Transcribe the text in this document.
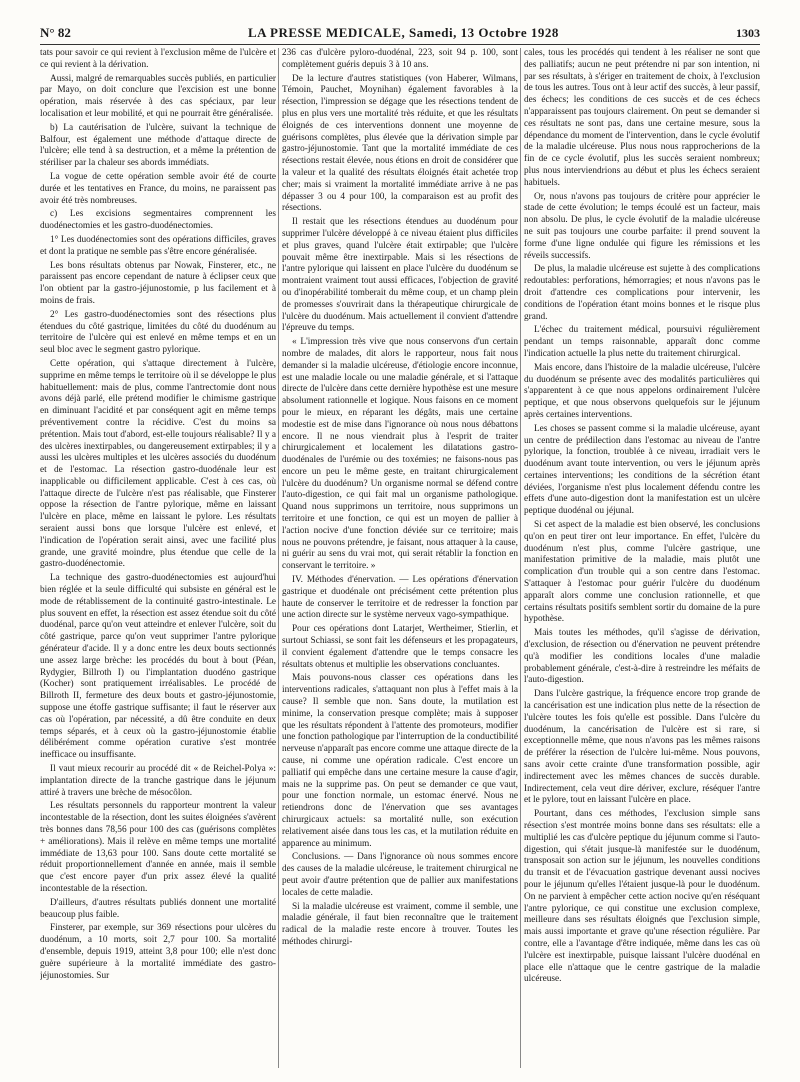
N° 82	LA PRESSE MEDICALE, Samedi, 13 Octobre 1928	1303

tats pour savoir ce qui revient à l'exclusion même de l'ulcère et ce qui revient à la dérivation.

Aussi, malgré de remarquables succès publiés, en particulier par Mayo, on doit conclure que l'excision est une bonne opération, mais réservée à des cas spéciaux, par leur localisation et leur mobilité, et qui ne pourrait être généralisée.

b) La cautérisation de l'ulcère, suivant la technique de Balfour, est également une méthode d'attaque directe de l'ulcère; elle tend à sa destruction, et a même la prétention de stériliser par la chaleur ses abords immédiats.

La vogue de cette opération semble avoir été de courte durée et les tentatives en France, du moins, ne paraissent pas avoir été très nombreuses.

c) Les excisions segmentaires comprennent les duodénectomies et les gastro-duodénectomies.

1° Les duodénectomies sont des opérations difficiles, graves et dont la pratique ne semble pas s'être encore généralisée.

Les bons résultats obtenus par Nowak, Finsterer, etc., ne paraissent pas encore cependant de nature à éclipser ceux que l'on obtient par la gastro-jéjunostomie, p lus facilement et à moins de frais.

2° Les gastro-duodénectomies sont des résections plus étendues du côté gastrique, limitées du côté du duodénum au territoire de l'ulcère qui est enlevé en même temps et en un seul bloc avec le segment gastro pylorique.

Cette opération, qui s'attaque directement à l'ulcère, supprime en même temps le territoire où il se développe le plus habituellement: mais de plus, comme l'antrectomie dont nous avons déjà parlé, elle prétend modifier le chimisme gastrique en diminuant l'acidité et par conséquent agit en même temps préventivement contre la récidive. C'est du moins sa prétention. Mais tout d'abord, est-elle toujours réalisable? Il y a des ulcères inextirpables, ou dangereusement extirpables; il y a aussi les ulcères multiples et les ulcères associés du duodénum et de l'estomac. La résection gastro-duodénale leur est inapplicable ou difficilement applicable. C'est à ces cas, où l'attaque directe de l'ulcère n'est pas réalisable, que Finsterer oppose la résection de l'antre pylorique, même en laissant l'ulcère en place, même en laissant le pylore. Les résultats seraient aussi bons que lorsque l'ulcère est enlevé, et l'indication de l'opération serait ainsi, avec une facilité plus grande, une gravité moindre, plus étendue que celle de la gastro-duodénectomie.

La technique des gastro-duodénectomies est aujourd'hui bien réglée et la seule difficulté qui subsiste en général est le mode de rétablissement de la continuité gastro-intestinale. Le plus souvent en effet, la résection est assez étendue soit du côté duodénal, parce qu'on veut atteindre et enlever l'ulcère, soit du côté gastrique, parce qu'on veut supprimer l'antre pylorique générateur d'acide. Il y a donc entre les deux bouts sectionnés une assez large brèche: les procédés du bout à bout (Péan, Rydygier, Billroth I) ou l'implantation duodéno gastrique (Kocher) sont pratiquement irréalisables. Le procédé de Billroth II, fermeture des deux bouts et gastro-jéjunostomie, suppose une étoffe gastrique suffisante; il faut le réserver aux cas où l'opération, par nécessité, a dû être conduite en deux temps séparés, et à ceux où la gastro-jéjunostomie établie délibérément comme opération curative s'est montrée inefficace ou insuffisante.

Il vaut mieux recourir au procédé dit « de Reichel-Polya »: implantation directe de la tranche gastrique dans le jéjunum attiré à travers une brèche de mésocôlon.

Les résultats personnels du rapporteur montrent la valeur incontestable de la résection, dont les suites éloignées s'avèrent très bonnes dans 78,56 pour 100 des cas (guérisons complètes + améliorations). Mais il relève en même temps une mortalité immédiate de 13,63 pour 100. Sans doute cette mortalité se réduit proportionnellement d'année en année, mais il semble que c'est encore payer d'un prix assez élevé la qualité incontestable de la résection.

D'ailleurs, d'autres résultats publiés donnent une mortalité beaucoup plus faible.

Finsterer, par exemple, sur 369 résections pour ulcères du duodénum, a 10 morts, soit 2,7 pour 100. Sa mortalité d'ensemble, depuis 1919, atteint 3,8 pour 100; elle n'est donc guère supérieure à la mortalité immédiate des gastro-jéjunostomies. Sur

236 cas d'ulcère pyloro-duodénal, 223, soit 94 p. 100, sont complètement guéris depuis 3 à 10 ans.

De la lecture d'autres statistiques (von Haberer, Wilmans, Témoin, Pauchet, Moynihan) également favorables à la résection, l'impression se dégage que les résections tendent de plus en plus vers une mortalité très réduite, et que les résultats éloignés de ces interventions donnent une moyenne de guérisons complètes, plus élevée que la dérivation simple par gastro-jéjunostomie. Tant que la mortalité immédiate de ces résections restait élevée, nous étions en droit de considérer que la valeur et la qualité des résultats éloignés était achetée trop cher; mais si vraiment la mortalité immédiate arrive à ne pas dépasser 3 ou 4 pour 100, la comparaison est au profit des résections.

Il restait que les résections étendues au duodénum pour supprimer l'ulcère développé à ce niveau étaient plus difficiles et plus graves, quand l'ulcère était extirpable; que l'ulcère pouvait même être inextirpable. Mais si les résections de l'antre pylorique qui laissent en place l'ulcère du duodénum se montraient vraiment tout aussi efficaces, l'objection de gravité ou d'inopérabilité tomberait du même coup, et un champ plein de promesses s'ouvrirait dans la thérapeutique chirurgicale de l'ulcère du duodénum. Mais actuellement il convient d'attendre l'épreuve du temps.

« L'impression très vive que nous conservons d'un certain nombre de malades, dit alors le rapporteur, nous fait nous demander si la maladie ulcéreuse, d'étiologie encore inconnue, est une maladie locale ou une maladie générale, et si l'attaque directe de l'ulcère dans cette dernière hypothèse est une mesure absolument rationnelle et logique. Nous faisons en ce moment pour le mieux, en réparant les dégâts, mais une certaine modestie est de mise dans l'ignorance où nous nous débattons encore. Il ne nous viendrait plus à l'esprit de traiter chirurgicalement et localement les dilatations gastro-duodénales de l'urémie ou des toxémies; ne faisons-nous pas encore un peu le même geste, en traitant chirurgicalement l'ulcère du duodénum? Un organisme normal se défend contre l'auto-digestion, ce qui fait mal un organisme pathologique. Quand nous supprimons un territoire, nous supprimons un territoire et une fonction, ce qui est un moyen de pallier à l'action nocive d'une fonction déviée sur ce territoire; mais nous ne pouvons prétendre, je faisant, nous attaquer à la cause, ni guérir au sens du vrai mot, qui serait rétablir la fonction en conservant le territoire. »

IV. Méthodes d'énervation. — Les opérations d'énervation gastrique et duodénale ont précisément cette prétention plus haute de conserver le territoire et de redresser la fonction par une action directe sur le système nerveux vago-sympathique.

Pour ces opérations dont Latarjet, Wertheimer, Stierlin, et surtout Schiassi, se sont fait les défenseurs et les propagateurs, il convient également d'attendre que le temps consacre les résultats obtenus et multiplie les observations concluantes.

Mais pouvons-nous classer ces opérations dans les interventions radicales, s'attaquant non plus à l'effet mais à la cause? Il semble que non. Sans doute, la mutilation est minime, la conservation presque complète; mais à supposer que les résultats répondent à l'attente des promoteurs, modifier une fonction pathologique par l'interruption de la conductibilité nerveuse n'apparaît pas encore comme une attaque directe de la cause, ni comme une opération radicale. C'est encore un palliatif qui empêche dans une certaine mesure la cause d'agir, mais ne la supprime pas. On peut se demander ce que vaut, pour une fonction normale, un estomac énervé. Nous ne retiendrons donc de l'énervation que ses avantages chirurgicaux actuels: sa mortalité nulle, son exécution relativement aisée dans tous les cas, et la mutilation réduite en apparence au minimum.

Conclusions. — Dans l'ignorance où nous sommes encore des causes de la maladie ulcéreuse, le traitement chirurgical ne peut avoir d'autre prétention que de pallier aux manifestations locales de cette maladie.

Si la maladie ulcéreuse est vraiment, comme il semble, une maladie générale, il faut bien reconnaître que le traitement radical de la maladie reste encore à trouver. Toutes les méthodes chirurgi-

cales, tous les procédés qui tendent à les réaliser ne sont que des palliatifs; aucun ne peut prétendre ni par son intention, ni par ses résultats, à s'ériger en traitement de choix, à l'exclusion de tous les autres. Tous ont à leur actif des succès, à leur passif, des échecs; les conditions de ces succès et de ces échecs n'apparaissent pas toujours clairement. On peut se demander si ces résultats ne sont pas, dans une certaine mesure, sous la dépendance du moment de l'intervention, dans le cycle évolutif de la maladie ulcéreuse. Plus nous nous rapprocherions de la fin de ce cycle évolutif, plus les succès seraient nombreux; plus nous interviendrions au début et plus les échecs seraient habituels.

Or, nous n'avons pas toujours de critère pour apprécier le stade de cette évolution; le temps écoulé est un facteur, mais non absolu. De plus, le cycle évolutif de la maladie ulcéreuse ne suit pas toujours une courbe parfaite: il prend souvent la forme d'une ligne ondulée qui figure les rémissions et les réveils successifs.

De plus, la maladie ulcéreuse est sujette à des complications redoutables: perforations, hémorragies; et nous n'avons pas le droit d'attendre ces complications pour intervenir, les conditions de l'opération étant moins bonnes et le risque plus grand.

L'échec du traitement médical, poursuivi régulièrement pendant un temps raisonnable, apparaît donc comme l'indication actuelle la plus nette du traitement chirurgical.

Mais encore, dans l'histoire de la maladie ulcéreuse, l'ulcère du duodénum se présente avec des modalités particulières qui s'apparentent à ce que nous appelons ordinairement l'ulcère peptique, et que nous observons quelquefois sur le jéjunum après certaines interventions.

Les choses se passent comme si la maladie ulcéreuse, ayant un centre de prédilection dans l'estomac au niveau de l'antre pylorique, la fonction, troublée à ce niveau, irradiait vers le duodénum avant toute intervention, ou vers le jéjunum après certaines interventions; les conditions de la sécrétion étant déviées, l'organisme n'est plus localement défendu contre les effets d'une auto-digestion dont la manifestation est un ulcère peptique duodénal ou jéjunal.

Si cet aspect de la maladie est bien observé, les conclusions qu'on en peut tirer ont leur importance. En effet, l'ulcère du duodénum n'est plus, comme l'ulcère gastrique, une manifestation primitive de la maladie, mais plutôt une complication d'un trouble qui a son centre dans l'estomac. S'attaquer à l'estomac pour guérir l'ulcère du duodénum apparaît alors comme une conclusion rationnelle, et que certains résultats positifs semblent sortir du domaine de la pure hypothèse.

Mais toutes les méthodes, qu'il s'agisse de dérivation, d'exclusion, de résection ou d'énervation ne peuvent prétendre qu'à modifier les conditions locales d'une maladie probablement générale, c'est-à-dire à restreindre les méfaits de l'auto-digestion.

Dans l'ulcère gastrique, la fréquence encore trop grande de la cancérisation est une indication plus nette de la résection de l'ulcère toutes les fois qu'elle est possible. Dans l'ulcère du duodénum, la cancérisation de l'ulcère est si rare, si exceptionnelle même, que nous n'avons pas les mêmes raisons de préférer la résection de l'ulcère lui-même. Nous pouvons, sans avoir cette crainte d'une transformation possible, agir indirectement avec les mêmes chances de succès durable. Indirectement, cela veut dire dériver, exclure, réséquer l'antre et le pylore, tout en laissant l'ulcère en place.

Pourtant, dans ces méthodes, l'exclusion simple sans résection s'est montrée moins bonne dans ses résultats: elle a multiplié les cas d'ulcère peptique du jéjunum comme si l'auto-digestion, qui s'était jusque-là manifestée sur le duodénum, transposait son action sur le jéjunum, les nouvelles conditions du transit et de l'évacuation gastrique devenant aussi nocives pour le jéjunum qu'elles l'étaient jusque-là pour le duodénum. On ne parvient à empêcher cette action nocive qu'en réséquant l'antre pylorique, ce qui constitue une exclusion complexe, meilleure dans ses résultats éloignés que l'exclusion simple, mais aussi importante et grave qu'une résection régulière. Par contre, elle a l'avantage d'être indiquée, même dans les cas où l'ulcère est inextirpable, puisque laissant l'ulcère duodénal en place elle n'attaque que le centre gastrique de la maladie ulcéreuse.
